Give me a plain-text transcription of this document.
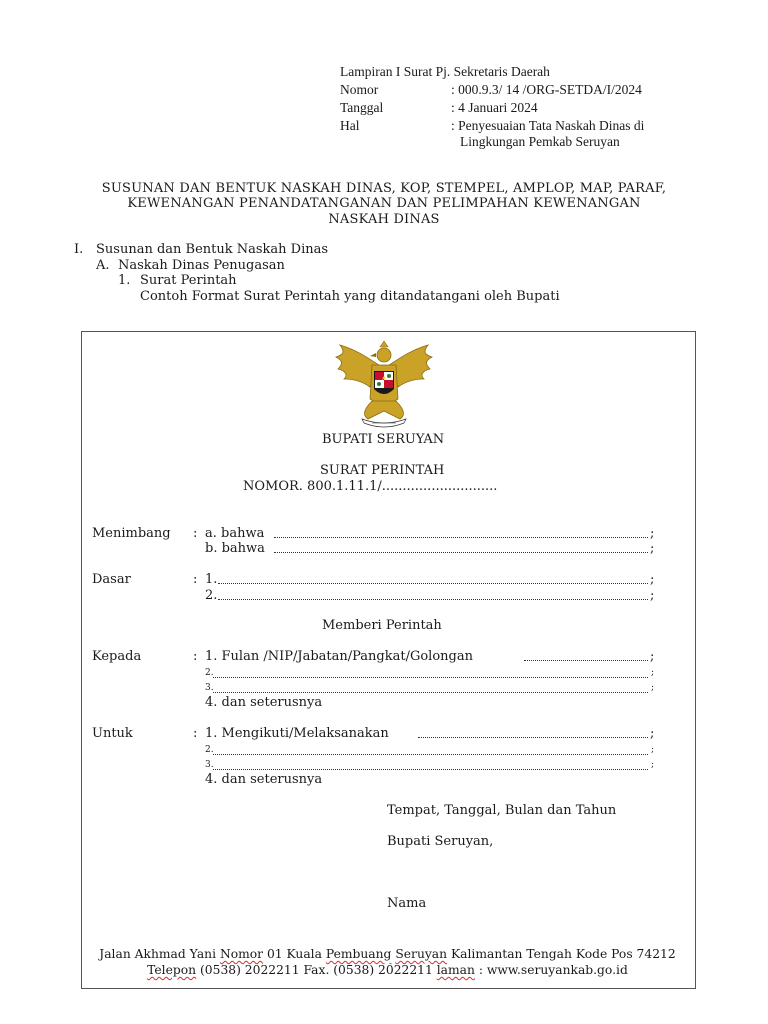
Lampiran I Surat Pj. Sekretaris Daerah
Nomor	: 000.9.3/ 14 /ORG-SETDA/I/2024
Tanggal	: 4 Januari 2024
Hal	: Penyesuaian Tata Naskah Dinas di
Lingkungan Pemkab Seruyan
SUSUNAN DAN BENTUK NASKAH DINAS, KOP, STEMPEL, AMPLOP, MAP, PARAF,
KEWENANGAN PENANDATANGANAN DAN PELIMPAHAN KEWENANGAN
NASKAH DINAS
I. Susunan dan Bentuk Naskah Dinas
A. Naskah Dinas Penugasan
1. Surat Perintah
Contoh Format Surat Perintah yang ditandatangani oleh Bupati
BUPATI SERUYAN
SURAT PERINTAH
NOMOR. 800.1.11.1/............................
Menimbang : a. bahwa	;
b. bahwa	;
Dasar	: 1.	;
2.	;
Memberi Perintah
Kepada	: 1. Fulan /NIP/Jabatan/Pangkat/Golongan	;
2.	;
3.	;
4. dan seterusnya
Untuk	: 1. Mengikuti/Melaksanakan	;
2.	;
3.	;
4. dan seterusnya
Tempat, Tanggal, Bulan dan Tahun
Bupati Seruyan,
Nama
Jalan Akhmad Yani Nomor 01 Kuala Pembuang Seruyan Kalimantan Tengah Kode Pos 74212
Telepon (0538) 2022211 Fax. (0538) 2022211 laman : www.seruyankab.go.id
